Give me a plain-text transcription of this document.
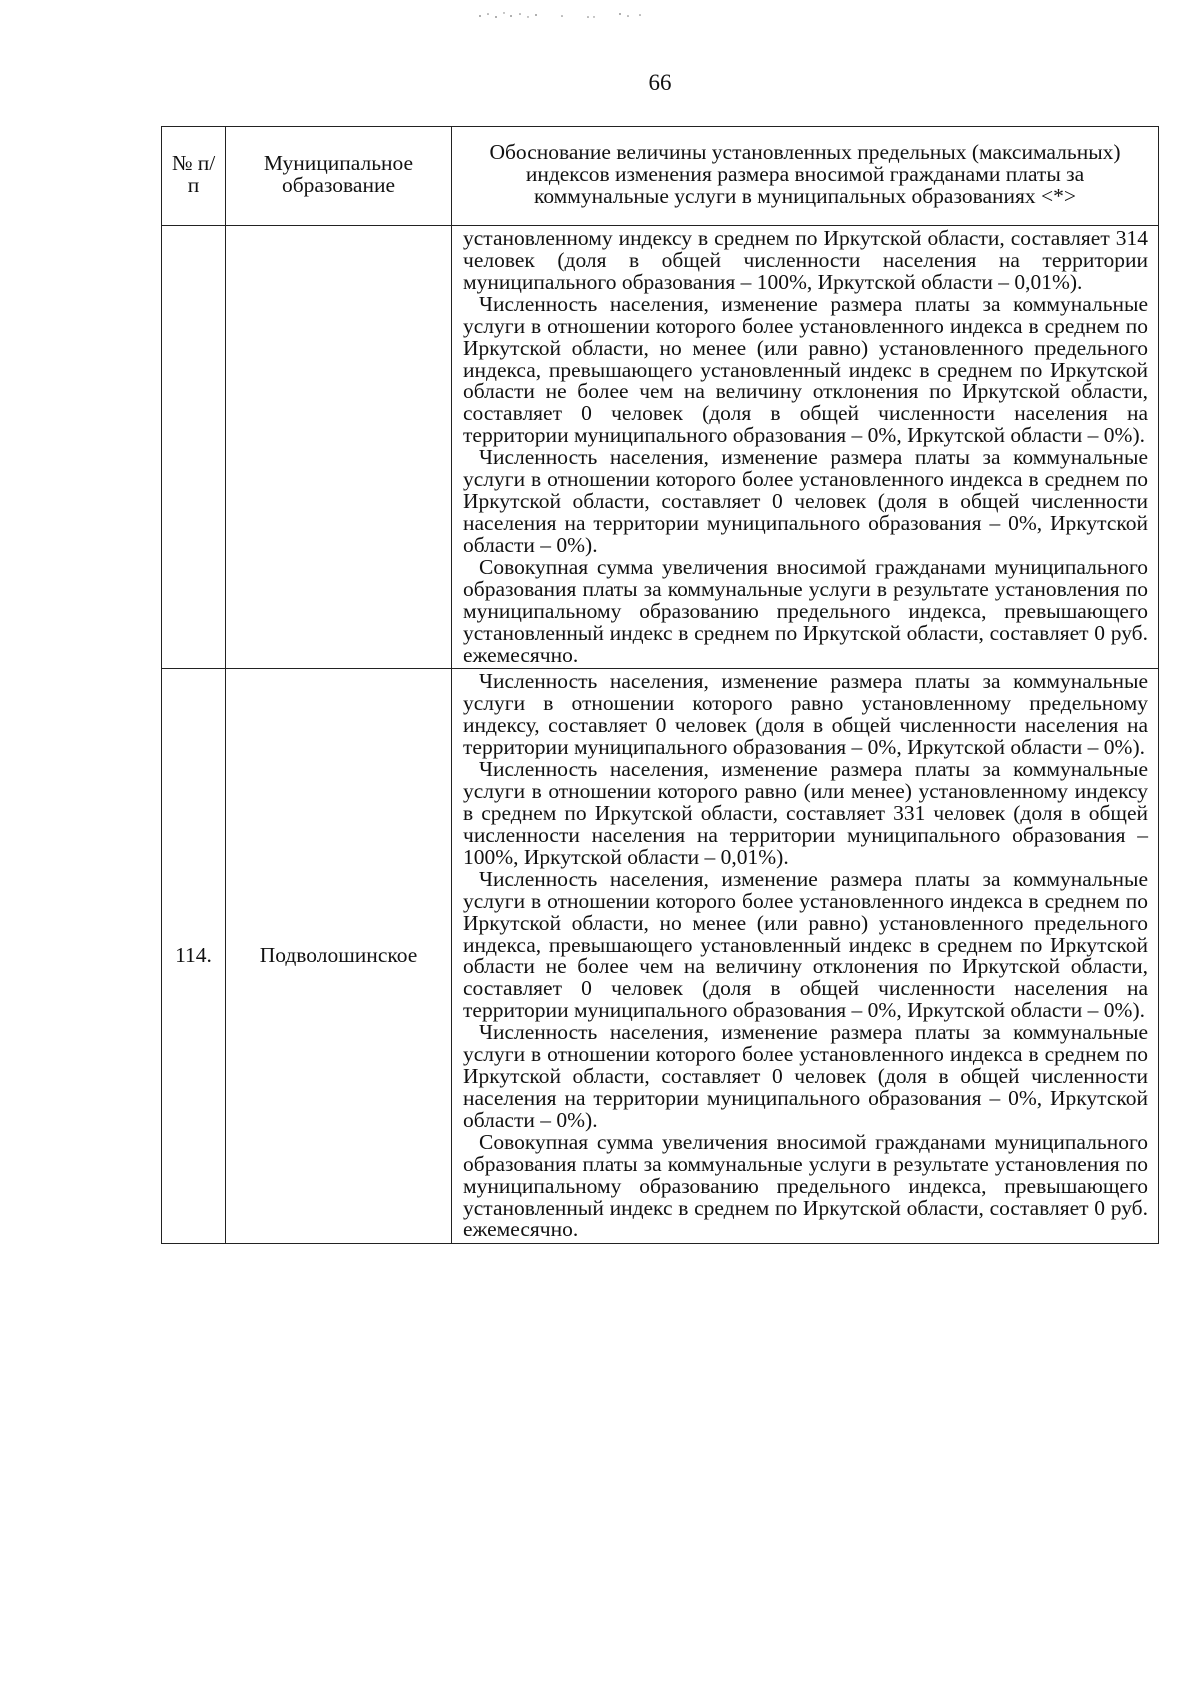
66
№ п/п	Муниципальное образование	Обоснование величины установленных предельных (максимальных) индексов изменения размера вносимой гражданами платы за коммунальные услуги в муниципальных образованиях <*>

		установленному индексу в среднем по Иркутской области, составляет 314 человек (доля в общей численности населения на территории муниципального образования – 100%, Иркутской области – 0,01%).

Численность населения, изменение размера платы за коммунальные услуги в отношении которого более установленного индекса в среднем по Иркутской области, но менее (или равно) установленного предельного индекса, превышающего установленный индекс в среднем по Иркутской области не более чем на величину отклонения по Иркутской области, составляет 0 человек (доля в общей численности населения на территории муниципального образования – 0%, Иркутской области – 0%).

Численность населения, изменение размера платы за коммунальные услуги в отношении которого более установленного индекса в среднем по Иркутской области, составляет 0 человек (доля в общей численности населения на территории муниципального образования – 0%, Иркутской области – 0%).

Совокупная сумма увеличения вносимой гражданами муниципального образования платы за коммунальные услуги в результате установления по муниципальному образованию предельного индекса, превышающего установленный индекс в среднем по Иркутской области, составляет 0 руб. ежемесячно.

114.	Подволошинское	Численность населения, изменение размера платы за коммунальные услуги в отношении которого равно установленному предельному индексу, составляет 0 человек (доля в общей численности населения на территории муниципального образования – 0%, Иркутской области – 0%).

Численность населения, изменение размера платы за коммунальные услуги в отношении которого равно (или менее) установленному индексу в среднем по Иркутской области, составляет 331 человек (доля в общей численности населения на территории муниципального образования – 100%, Иркутской области – 0,01%).

Численность населения, изменение размера платы за коммунальные услуги в отношении которого более установленного индекса в среднем по Иркутской области, но менее (или равно) установленного предельного индекса, превышающего установленный индекс в среднем по Иркутской области не более чем на величину отклонения по Иркутской области, составляет 0 человек (доля в общей численности населения на территории муниципального образования – 0%, Иркутской области – 0%).

Численность населения, изменение размера платы за коммунальные услуги в отношении которого более установленного индекса в среднем по Иркутской области, составляет 0 человек (доля в общей численности населения на территории муниципального образования – 0%, Иркутской области – 0%).

Совокупная сумма увеличения вносимой гражданами муниципального образования платы за коммунальные услуги в результате установления по муниципальному образованию предельного индекса, превышающего установленный индекс в среднем по Иркутской области, составляет 0 руб. ежемесячно.
